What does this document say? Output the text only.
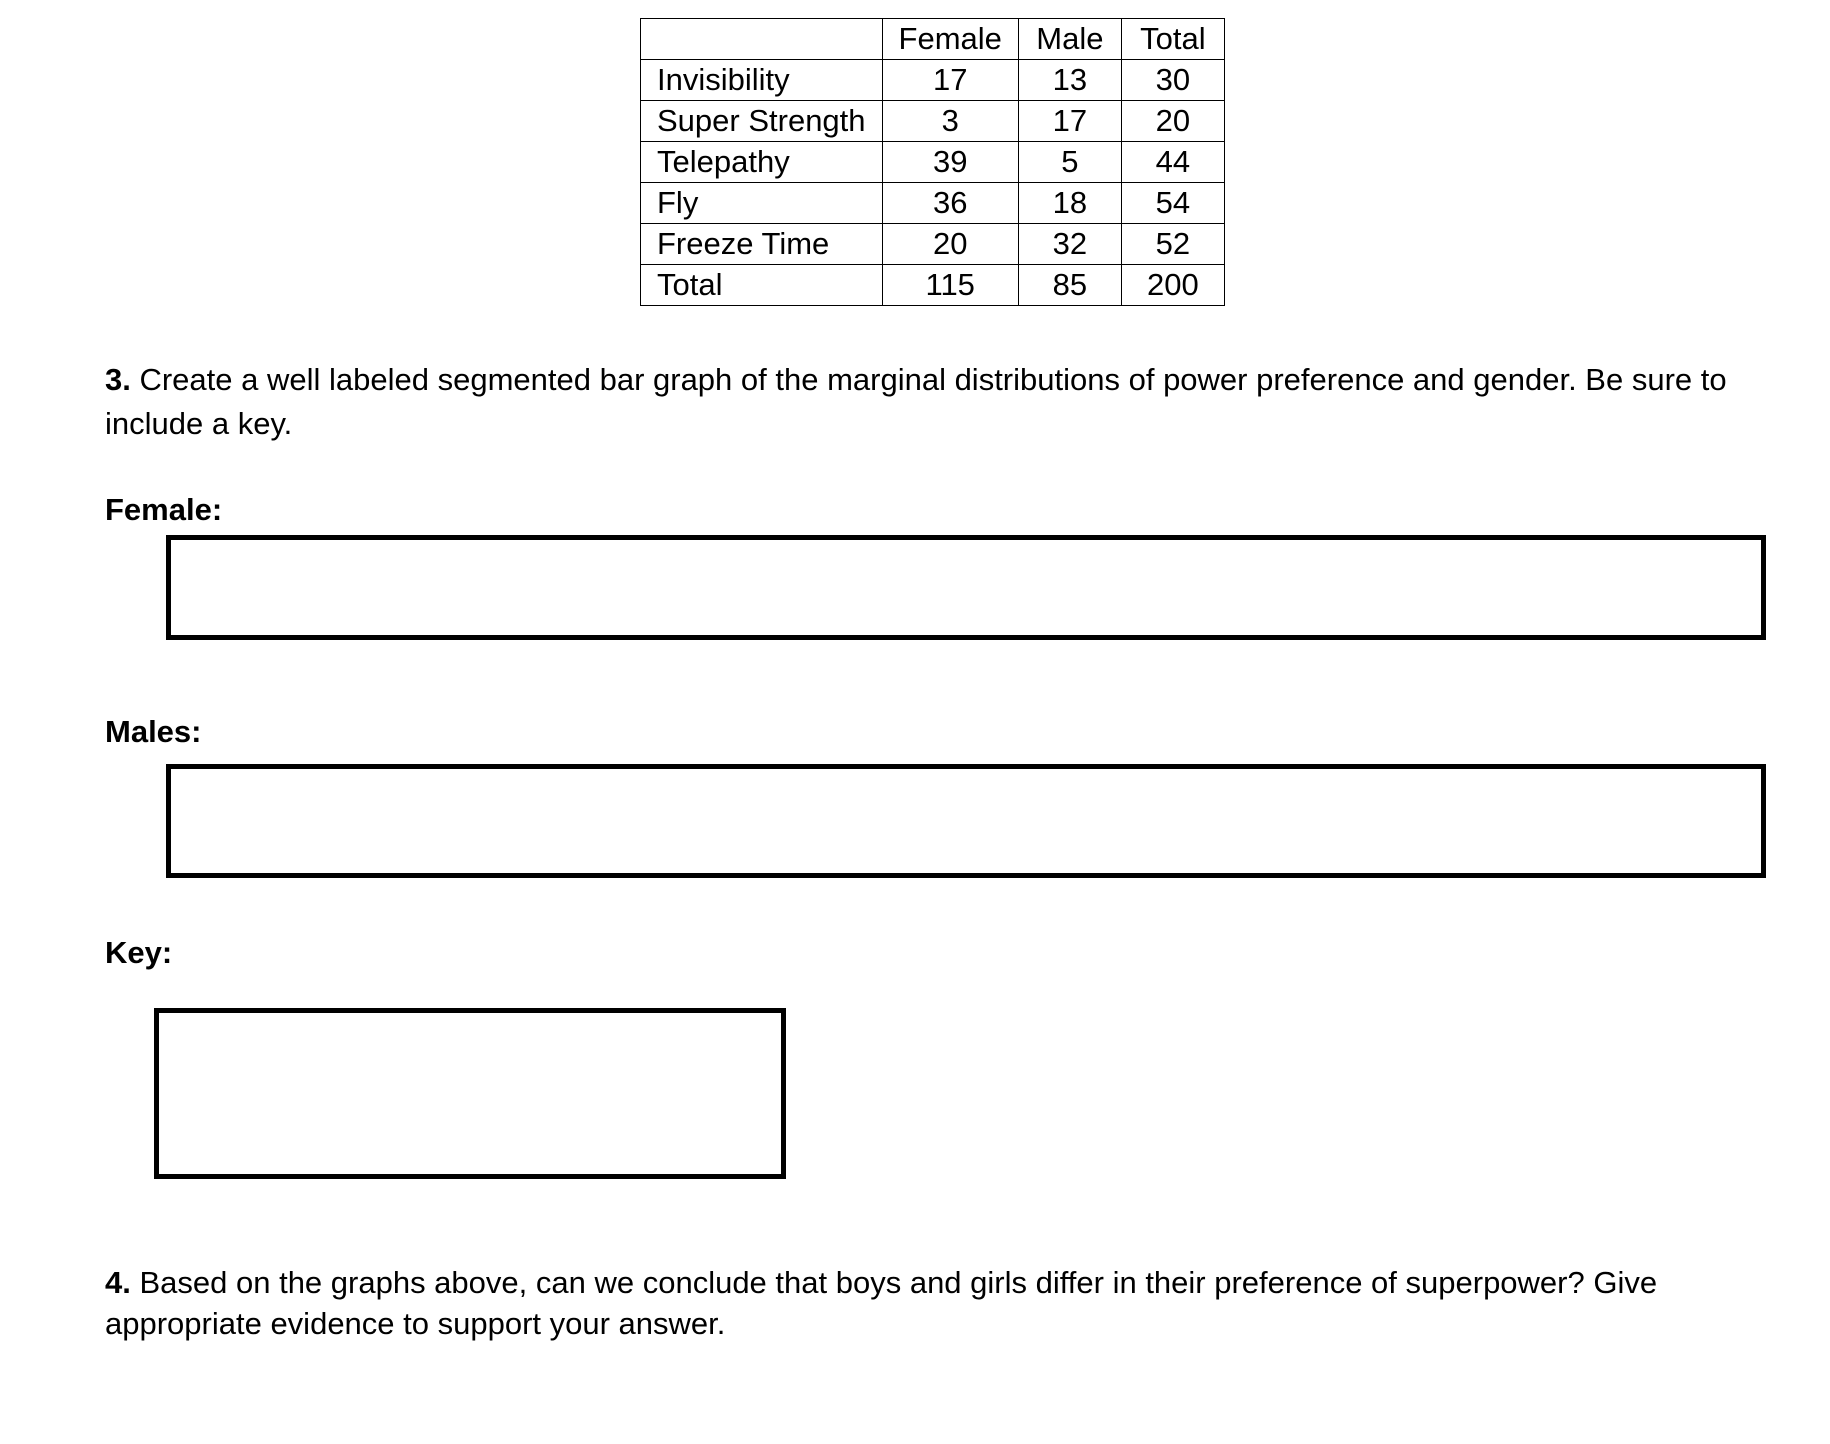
	Female	Male	Total
Invisibility	17	13	30
Super Strength	3	17	20
Telepathy	39	5	44
Fly	36	18	54
Freeze Time	20	32	52
Total	115	85	200

3. Create a well labeled segmented bar graph of the marginal distributions of power preference and gender. Be sure to include a key.

Female:

Males:

Key:

4. Based on the graphs above, can we conclude that boys and girls differ in their preference of superpower? Give appropriate evidence to support your answer.
